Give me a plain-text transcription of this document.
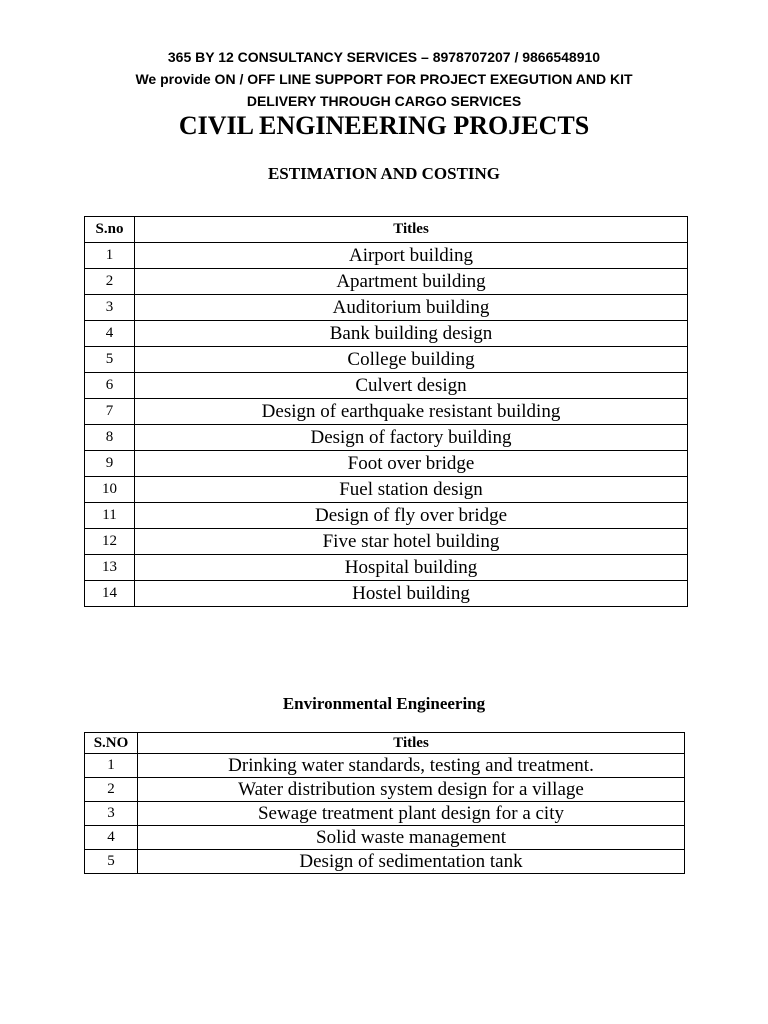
365 BY 12 CONSULTANCY SERVICES – 8978707207 / 9866548910
We provide ON / OFF LINE SUPPORT FOR PROJECT EXEGUTION AND KIT
DELIVERY THROUGH CARGO SERVICES
CIVIL ENGINEERING PROJECTS
ESTIMATION AND COSTING
S.no	Titles
1	Airport building
2	Apartment building
3	Auditorium building
4	Bank building design
5	College building
6	Culvert design
7	Design of earthquake resistant building
8	Design of factory building
9	Foot over bridge
10	Fuel station design
11	Design of fly over bridge
12	Five star hotel building
13	Hospital building
14	Hostel building
Environmental Engineering
S.NO	Titles
1	Drinking water standards, testing and treatment.
2	Water distribution system design for a village
3	Sewage treatment plant design for a city
4	Solid waste management
5	Design of sedimentation tank
